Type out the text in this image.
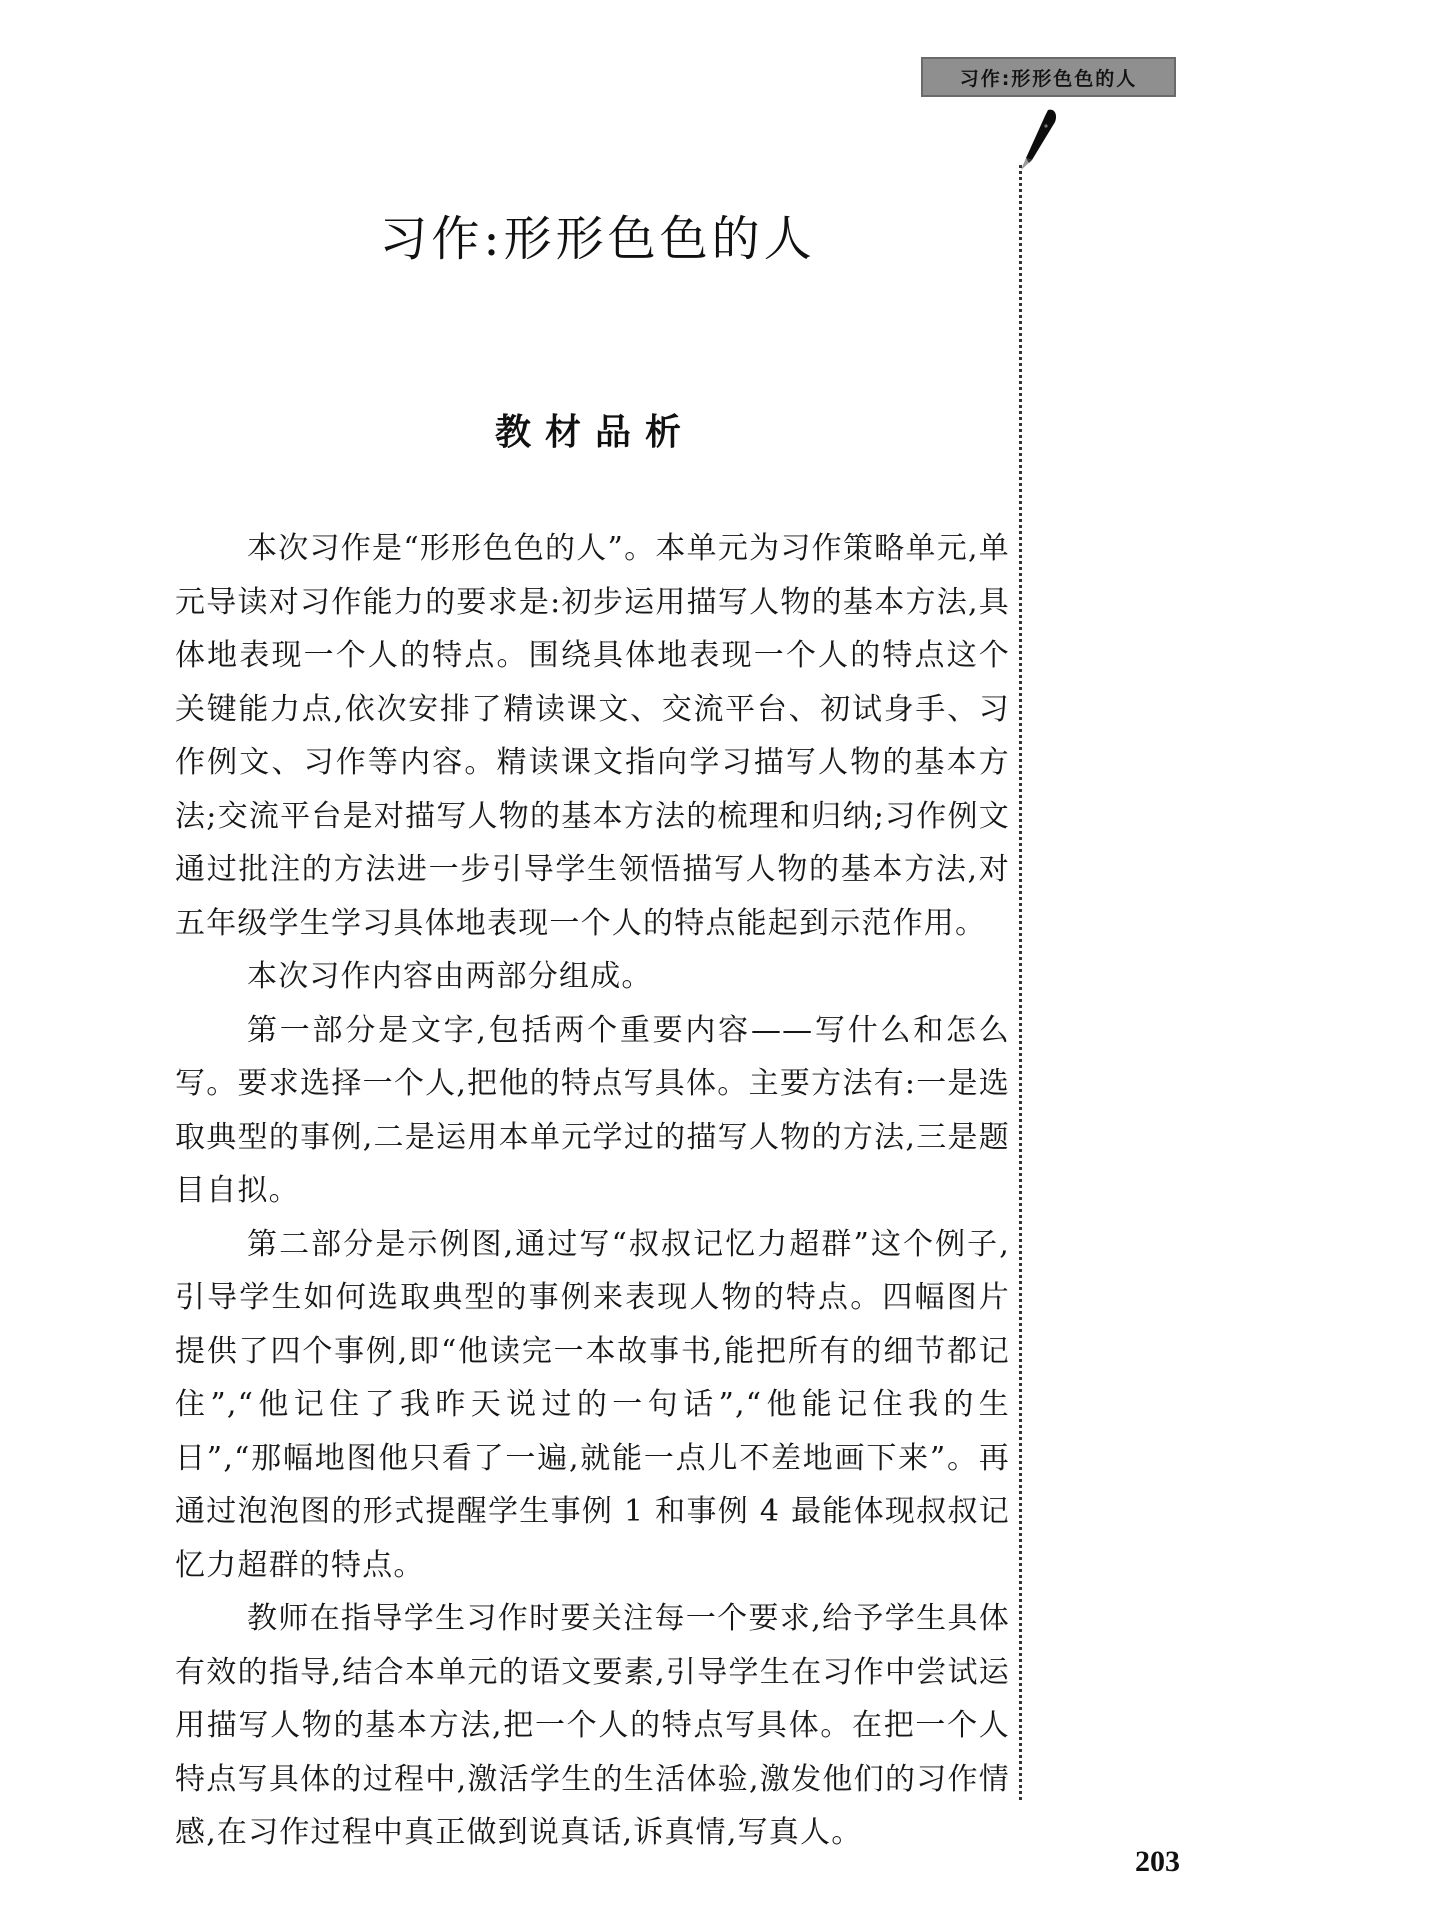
习作:形形色色的人
习作:形形色色的人
教材品析

本次习作是“形形色色的人”。本单元为习作策略单元,单元导读对习作能力的要求是:初步运用描写人物的基本方法,具体地表现一个人的特点。围绕具体地表现一个人的特点这个关键能力点,依次安排了精读课文、交流平台、初试身手、习作例文、习作等内容。精读课文指向学习描写人物的基本方法;交流平台是对描写人物的基本方法的梳理和归纳;习作例文通过批注的方法进一步引导学生领悟描写人物的基本方法,对五年级学生学习具体地表现一个人的特点能起到示范作用。

本次习作内容由两部分组成。

第一部分是文字,包括两个重要内容——写什么和怎么写。要求选择一个人,把他的特点写具体。主要方法有:一是选取典型的事例,二是运用本单元学过的描写人物的方法,三是题目自拟。

第二部分是示例图,通过写“叔叔记忆力超群”这个例子,引导学生如何选取典型的事例来表现人物的特点。四幅图片提供了四个事例,即“他读完一本故事书,能把所有的细节都记住”,“他记住了我昨天说过的一句话”,“他能记住我的生日”,“那幅地图他只看了一遍,就能一点儿不差地画下来”。再通过泡泡图的形式提醒学生事例 1 和事例 4 最能体现叔叔记忆力超群的特点。

教师在指导学生习作时要关注每一个要求,给予学生具体有效的指导,结合本单元的语文要素,引导学生在习作中尝试运用描写人物的基本方法,把一个人的特点写具体。在把一个人特点写具体的过程中,激活学生的生活体验,激发他们的习作情感,在习作过程中真正做到说真话,诉真情,写真人。

203
